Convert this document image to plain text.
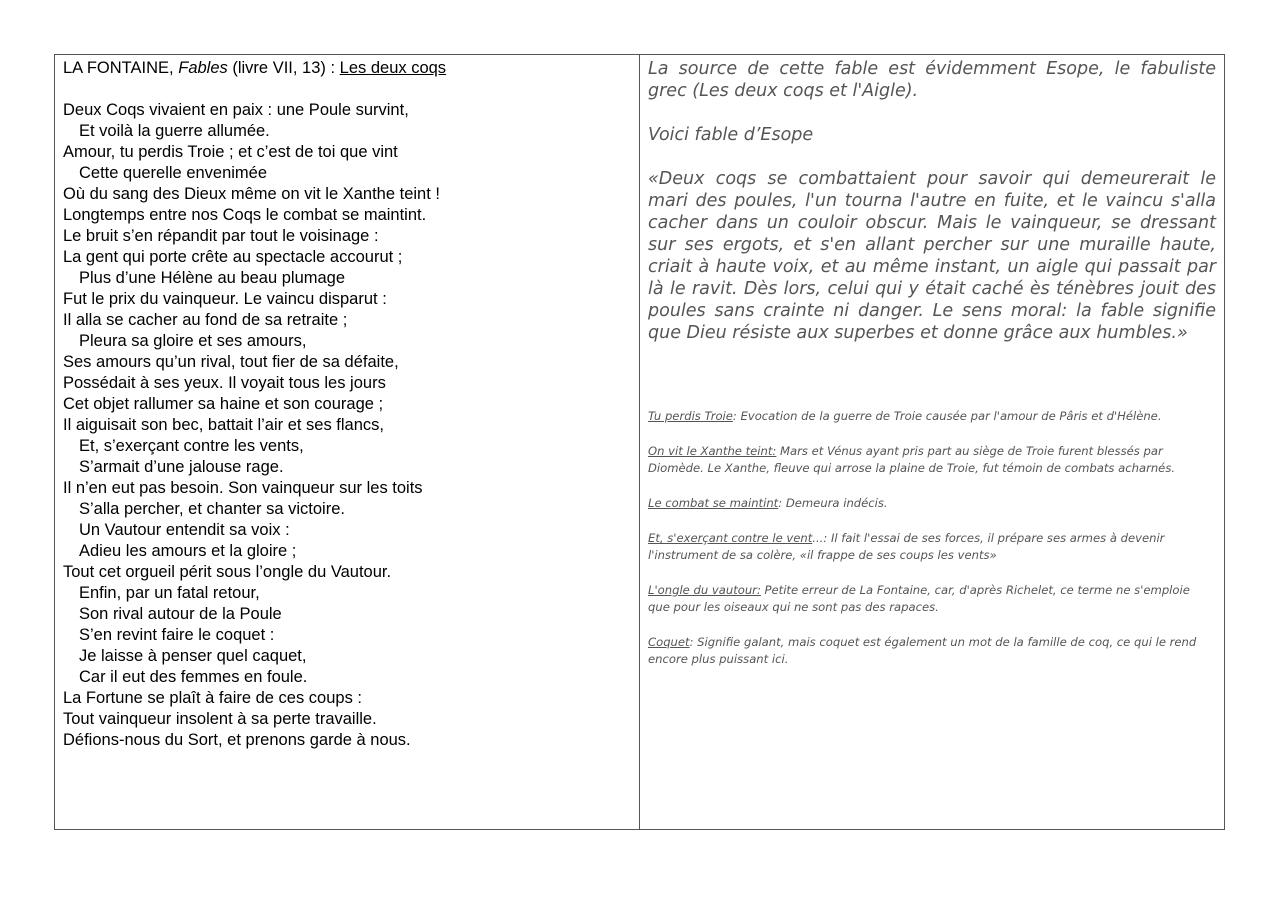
LA FONTAINE, Fables (livre VII, 13) : Les deux coqs

Deux Coqs vivaient en paix : une Poule survint,
Et voilà la guerre allumée.
Amour, tu perdis Troie ; et c’est de toi que vint
Cette querelle envenimée
Où du sang des Dieux même on vit le Xanthe teint !
Longtemps entre nos Coqs le combat se maintint.
Le bruit s’en répandit par tout le voisinage :
La gent qui porte crête au spectacle accourut ;
Plus d’une Hélène au beau plumage
Fut le prix du vainqueur. Le vaincu disparut :
Il alla se cacher au fond de sa retraite ;
Pleura sa gloire et ses amours,
Ses amours qu’un rival, tout fier de sa défaite,
Possédait à ses yeux. Il voyait tous les jours
Cet objet rallumer sa haine et son courage ;
Il aiguisait son bec, battait l’air et ses flancs,
Et, s’exerçant contre les vents,
S’armait d’une jalouse rage.
Il n’en eut pas besoin. Son vainqueur sur les toits
S’alla percher, et chanter sa victoire.
Un Vautour entendit sa voix :
Adieu les amours et la gloire ;
Tout cet orgueil périt sous l’ongle du Vautour.
Enfin, par un fatal retour,
Son rival autour de la Poule
S’en revint faire le coquet :
Je laisse à penser quel caquet,
Car il eut des femmes en foule.
La Fortune se plaît à faire de ces coups :
Tout vainqueur insolent à sa perte travaille.
Défions-nous du Sort, et prenons garde à nous.

La source de cette fable est évidemment Esope, le fabuliste grec (Les deux coqs et l'Aigle).

Voici fable d’Esope

«Deux coqs se combattaient pour savoir qui demeurerait le mari des poules, l'un tourna l'autre en fuite, et le vaincu s'alla cacher dans un couloir obscur. Mais le vainqueur, se dressant sur ses ergots, et s'en allant percher sur une muraille haute, criait à haute voix, et au même instant, un aigle qui passait par là le ravit. Dès lors, celui qui y était caché ès ténèbres jouit des poules sans crainte ni danger. Le sens moral: la fable signifie que Dieu résiste aux superbes et donne grâce aux humbles.»

Tu perdis Troie: Evocation de la guerre de Troie causée par l'amour de Pâris et d'Hélène.

On vit le Xanthe teint: Mars et Vénus ayant pris part au siège de Troie furent blessés par Diomède. Le Xanthe, fleuve qui arrose la plaine de Troie, fut témoin de combats acharnés.

Le combat se maintint: Demeura indécis.

Et, s'exerçant contre le vent...: Il fait l'essai de ses forces, il prépare ses armes à devenir l'instrument de sa colère, «il frappe de ses coups les vents»

L'ongle du vautour: Petite erreur de La Fontaine, car, d'après Richelet, ce terme ne s'emploie que pour les oiseaux qui ne sont pas des rapaces.

Coquet: Signifie galant, mais coquet est également un mot de la famille de coq, ce qui le rend encore plus puissant ici.
